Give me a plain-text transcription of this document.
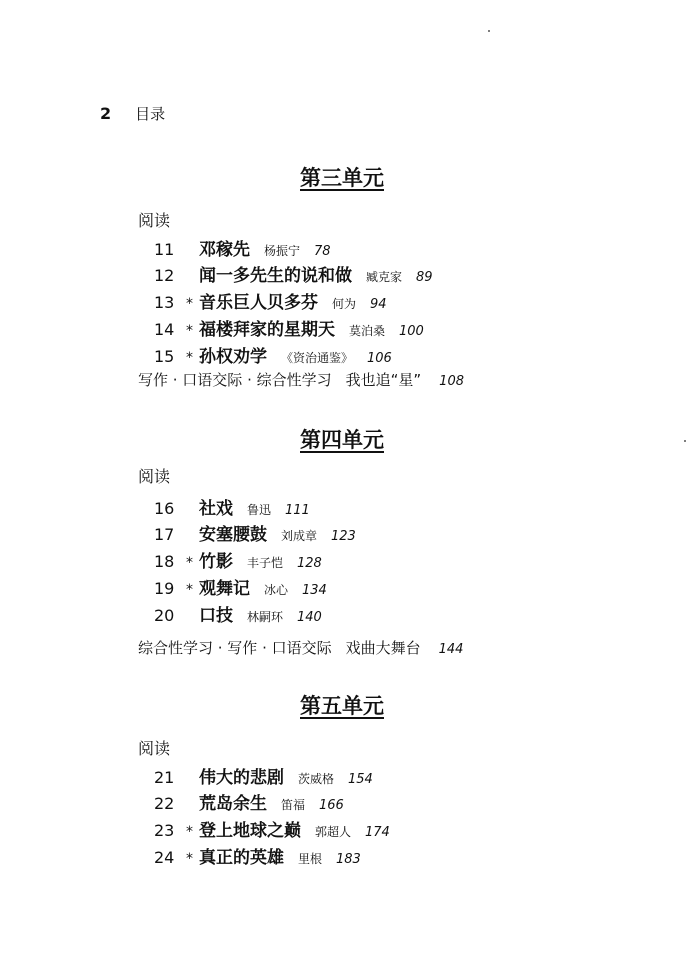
2 目录
第三单元
阅读
11	邓稼先 杨振宁 78
12	闻一多先生的说和做 臧克家 89
13 * 音乐巨人贝多芬 何为 94
14 * 福楼拜家的星期天 莫泊桑 100
15 * 孙权劝学 《资治通鉴》 106
写作 · 口语交际 · 综合性学习 我也追“星” 108
第四单元
阅读
16	社戏 鲁迅 111
17	安塞腰鼓 刘成章 123
18 * 竹影 丰子恺 128
19 * 观舞记 冰心 134
20	口技 林嗣环 140
综合性学习 · 写作 · 口语交际 戏曲大舞台 144
第五单元
阅读
21	伟大的悲剧 茨威格 154
22	荒岛余生 笛福 166
23 * 登上地球之巅 郭超人 174
24 * 真正的英雄 里根 183
